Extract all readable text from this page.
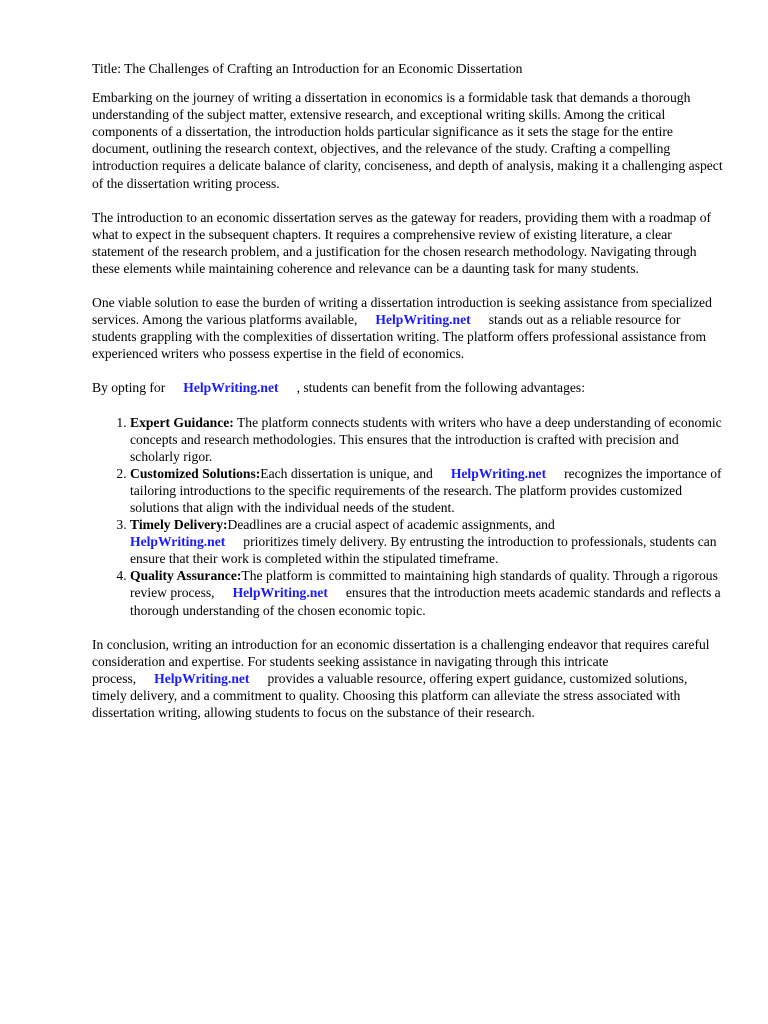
Title: The Challenges of Crafting an Introduction for an Economic Dissertation

Embarking on the journey of writing a dissertation in economics is a formidable task that demands a thorough understanding of the subject matter, extensive research, and exceptional writing skills. Among the critical components of a dissertation, the introduction holds particular significance as it sets the stage for the entire document, outlining the research context, objectives, and the relevance of the study. Crafting a compelling introduction requires a delicate balance of clarity, conciseness, and depth of analysis, making it a challenging aspect of the dissertation writing process.

The introduction to an economic dissertation serves as the gateway for readers, providing them with a roadmap of what to expect in the subsequent chapters. It requires a comprehensive review of existing literature, a clear statement of the research problem, and a justification for the chosen research methodology. Navigating through these elements while maintaining coherence and relevance can be a daunting task for many students.

One viable solution to ease the burden of writing a dissertation introduction is seeking assistance from specialized services. Among the various platforms available, HelpWriting.net stands out as a reliable resource for students grappling with the complexities of dissertation writing. The platform offers professional assistance from experienced writers who possess expertise in the field of economics.

By opting for HelpWriting.net , students can benefit from the following advantages:

1. Expert Guidance: The platform connects students with writers who have a deep understanding of economic concepts and research methodologies. This ensures that the introduction is crafted with precision and scholarly rigor.
2. Customized Solutions:Each dissertation is unique, and HelpWriting.net recognizes the importance of tailoring introductions to the specific requirements of the research. The platform provides customized solutions that align with the individual needs of the student.
3. Timely Delivery:Deadlines are a crucial aspect of academic assignments, and
HelpWriting.net prioritizes timely delivery. By entrusting the introduction to professionals, students can ensure that their work is completed within the stipulated timeframe.
4. Quality Assurance:The platform is committed to maintaining high standards of quality. Through a rigorous review process, HelpWriting.net ensures that the introduction meets academic standards and reflects a thorough understanding of the chosen economic topic.

In conclusion, writing an introduction for an economic dissertation is a challenging endeavor that requires careful consideration and expertise. For students seeking assistance in navigating through this intricate process, HelpWriting.net provides a valuable resource, offering expert guidance, customized solutions, timely delivery, and a commitment to quality. Choosing this platform can alleviate the stress associated with dissertation writing, allowing students to focus on the substance of their research.
